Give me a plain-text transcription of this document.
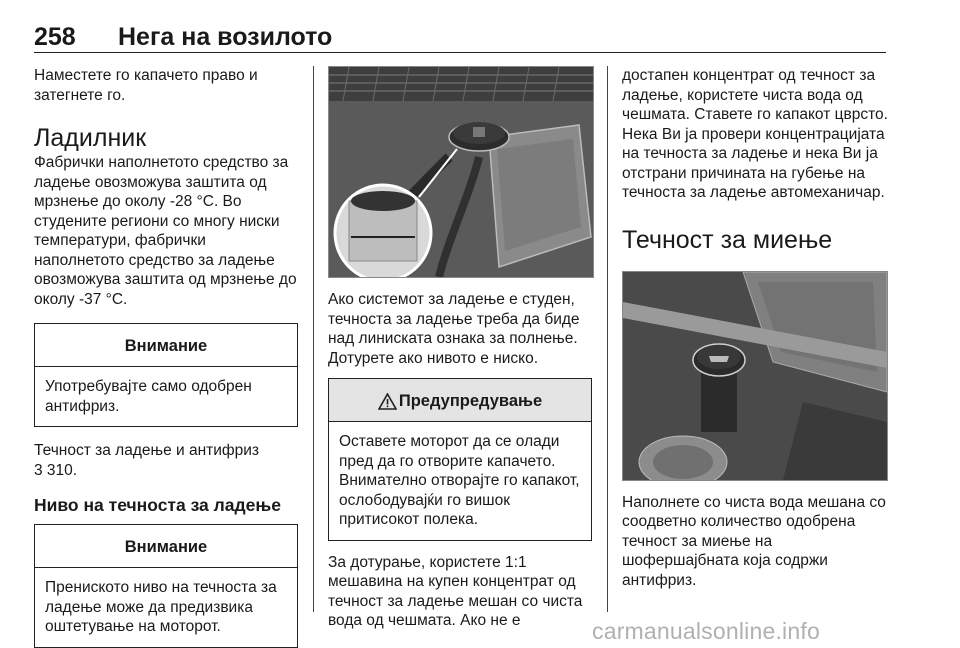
258 Нега на возилото

Наместете го капачето право и затегнете го.

Ладилник

Фабрички наполнетото средство за ладење овозможува заштита од мрзнење до околу -28 °C. Во студените региони со многу ниски температури, фабрички наполнетото средство за ладење овозможува заштита од мрзнење до околу -37 °C.

Внимание
Употребувајте само одобрен антифриз.

Течност за ладење и антифриз
3 310.

Ниво на течноста за ладење
Внимание
Прениското ниво на течноста за ладење може да предизвика оштетување на моторот.

Ако системот за ладење е студен, течноста за ладење треба да биде над линиската ознака за полнење. Дотурете ако нивото е ниско.

Предупредување
Оставете моторот да се олади пред да го отворите капачето. Внимателно отворајте го капакот, ослободувајќи го вишок притисокот полека.

За дотурање, користете 1:1 мешавина на купен концентрат од течност за ладење мешан со чиста вода од чешмата. Ако не е

достапен концентрат од течност за ладење, користете чиста вода од чешмата. Ставете го капакот цврсто. Нека Ви ја провери концентрацијата на течноста за ладење и нека Ви ја отстрани причината на губење на течноста за ладење автомеханичар.

Течност за миење

Наполнете со чиста вода мешана со соодветно количество одобрена течност за миење на шофершајбната која содржи антифриз.

carmanualsonline.info
